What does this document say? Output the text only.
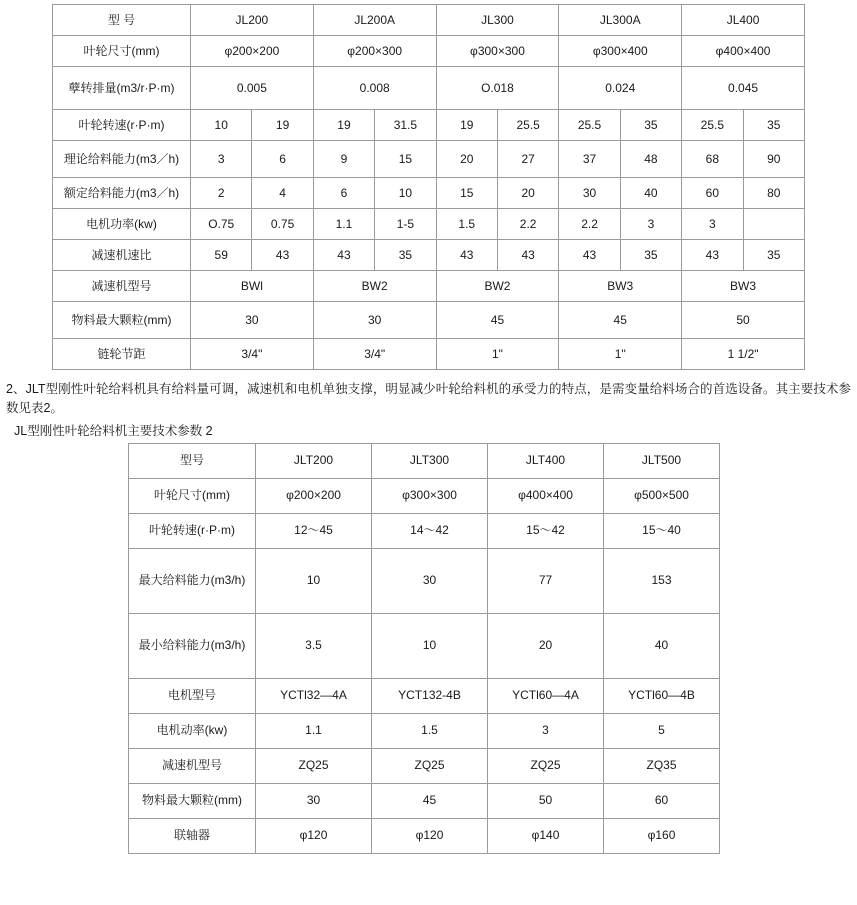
型 号	JL200		JL200A		JL300		JL300A		JL400	
叶轮尺寸(mm)	φ200×200		φ200×300		φ300×300		φ300×400		φ400×400	
孽转排量(m3/r·P·m)	0.005		0.008		O.018		0.024		0.045	
叶轮转速(r·P·m)	10	19	19	31.5	19	25.5	25.5	35	25.5	35
理论给料能力(m3／h)	3	6	9	15	20	27	37	48	68	90
额定给料能力(m3／h)	2	4	6	10	15	20	30	40	60	80
电机功率(kw)	O.75	0.75	1.1	1-5	1.5	2.2	2.2	3	3	
减速机速比	59	43	43	35	43	43	43	35	43	35
减速机型号	BWl		BW2		BW2		BW3		BW3	
物料最大颗粒(mm)	30		30		45		45		50	
链轮节距	3/4"		3/4"		1"		1"		1 1/2"	

2、JLT型刚性叶轮给料机具有给料量可调，减速机和电机单独支撑，明显减少叶轮给料机的承受力的特点，是需变量给料场合的首选设备。其主要技术参数见表2。

JL型刚性叶轮给料机主要技术参数 2
型号	JLT200	JLT300	JLT400	JLT500
叶轮尺寸(mm)	φ200×200	φ300×300	φ400×400	φ500×500
叶轮转速(r·P·m)	12～45	14～42	15～42	15～40
最大给料能力(m3/h)	10	30	77	153
最小给料能力(m3/h)	3.5	10	20	40
电机型号	YCTl32—4A	YCT132-4B	YCTl60—4A	YCTl60—4B
电机动率(kw)	1.1	1.5	3	5
减速机型号	ZQ25	ZQ25	ZQ25	ZQ35
物料最大颗粒(mm)	30	45	50	60
联轴器	φ120	φ120	φ140	φ160
